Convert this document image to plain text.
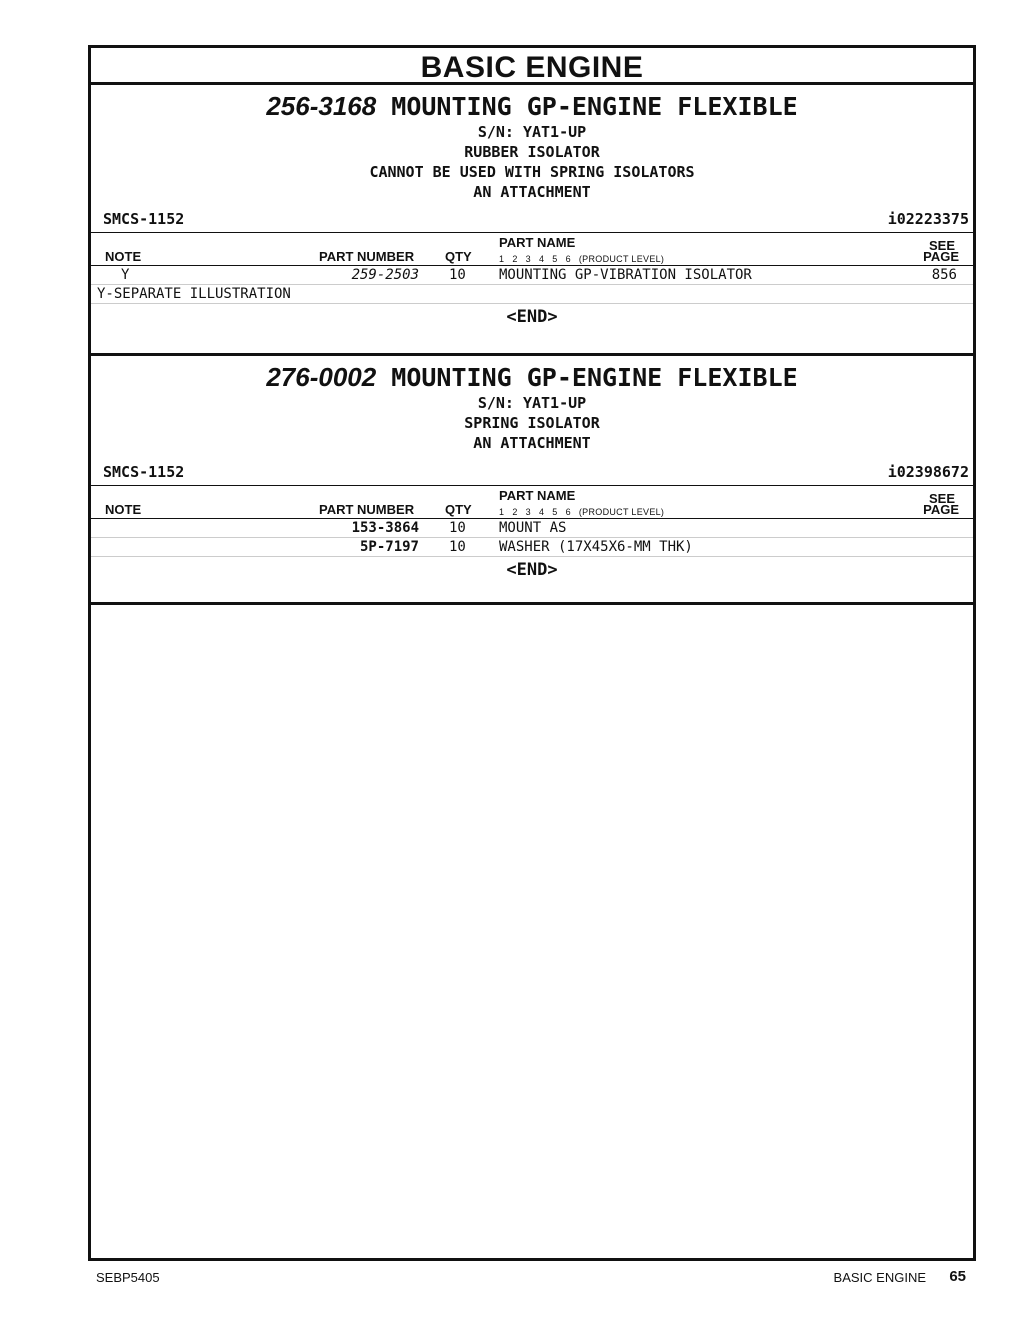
BASIC ENGINE
256-3168 MOUNTING GP-ENGINE FLEXIBLE
S/N: YAT1-UP
RUBBER ISOLATOR
CANNOT BE USED WITH SPRING ISOLATORS
AN ATTACHMENT
SMCS-1152	i02223375
NOTE	PART NUMBER QTY
PART NAME
1 2 3 4 5 6 (PRODUCT LEVEL)
SEE
PAGE
Y	259-2503 10 MOUNTING GP-VIBRATION ISOLATOR	856
Y-SEPARATE ILLUSTRATION
<END>
276-0002 MOUNTING GP-ENGINE FLEXIBLE
S/N: YAT1-UP
SPRING ISOLATOR
AN ATTACHMENT
SMCS-1152	i02398672
NOTE	PART NUMBER QTY
PART NAME
1 2 3 4 5 6 (PRODUCT LEVEL)
SEE
PAGE
153-3864 10 MOUNT AS
5P-7197 10 WASHER (17X45X6-MM THK)
<END>
SEBP5405	BASIC ENGINE 65
